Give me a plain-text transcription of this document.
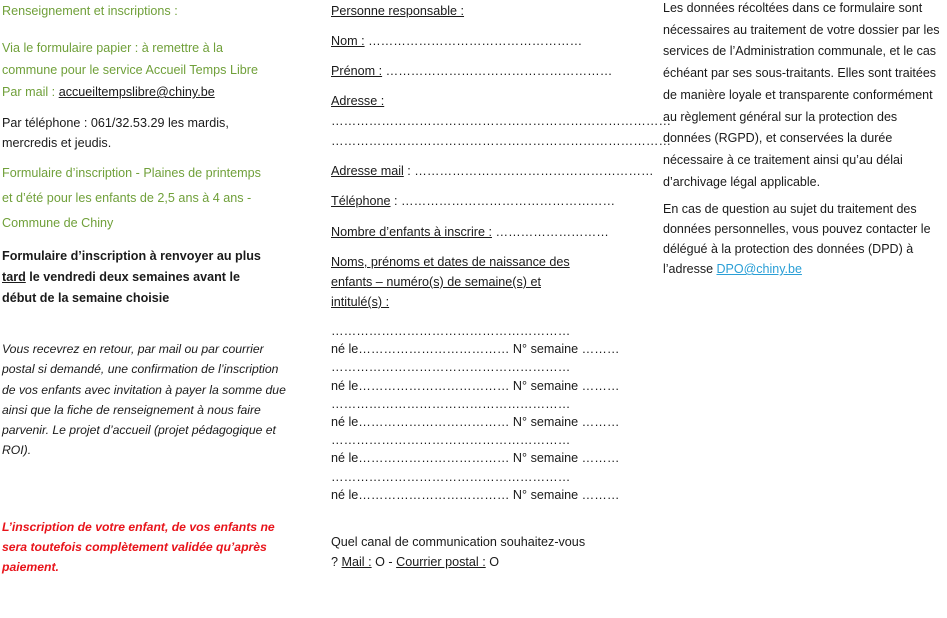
Renseignement et inscriptions :
Via le formulaire papier : à remettre à la
commune pour le service Accueil Temps Libre
Par mail : accueiltempslibre@chiny.be
Par téléphone : 061/32.53.29 les mardis, mercredis et jeudis.
Formulaire d’inscription - Plaines de printemps
et d’été pour les enfants de 2,5 ans à 4 ans -
Commune de Chiny
Formulaire d’inscription à renvoyer au plus
tard le vendredi deux semaines avant le
début de la semaine choisie
Vous recevrez en retour, par mail ou par courrier postal si demandé, une confirmation de l’inscription de vos enfants avec invitation à payer la somme due ainsi que la fiche de renseignement à nous faire parvenir. Le projet d’accueil (projet pédagogique et ROI).
L’inscription de votre enfant, de vos enfants ne sera toutefois complètement validée qu’après paiement.
Personne responsable :
Nom : ……………………………………………
Prénom : ………………………………………………
Adresse :
………………………………………………………………………
………………………………………………………………………
Adresse mail : …………………………………………………
Téléphone : ……………………………………………
Nombre d’enfants à inscrire : ………………………
Noms, prénoms et dates de naissance des enfants – numéro(s) de semaine(s) et intitulé(s) :
…………………………………………………
né le……………………………… N° semaine ………
…………………………………………………
né le……………………………… N° semaine ………
…………………………………………………
né le……………………………… N° semaine ………
…………………………………………………
né le……………………………… N° semaine ………
…………………………………………………
né le……………………………… N° semaine ………
Quel canal de communication souhaitez-vous ? Mail : O - Courrier postal : O
Les données récoltées dans ce formulaire sont nécessaires au traitement de votre dossier par les services de l’Administration communale, et le cas échéant par ses sous-traitants. Elles sont traitées de manière loyale et transparente conformément au règlement général sur la protection des données (RGPD), et conservées la durée nécessaire à ce traitement ainsi qu’au délai d’archivage légal applicable.
En cas de question au sujet du traitement des données personnelles, vous pouvez contacter le délégué à la protection des données (DPD) à l’adresse DPO@chiny.be
